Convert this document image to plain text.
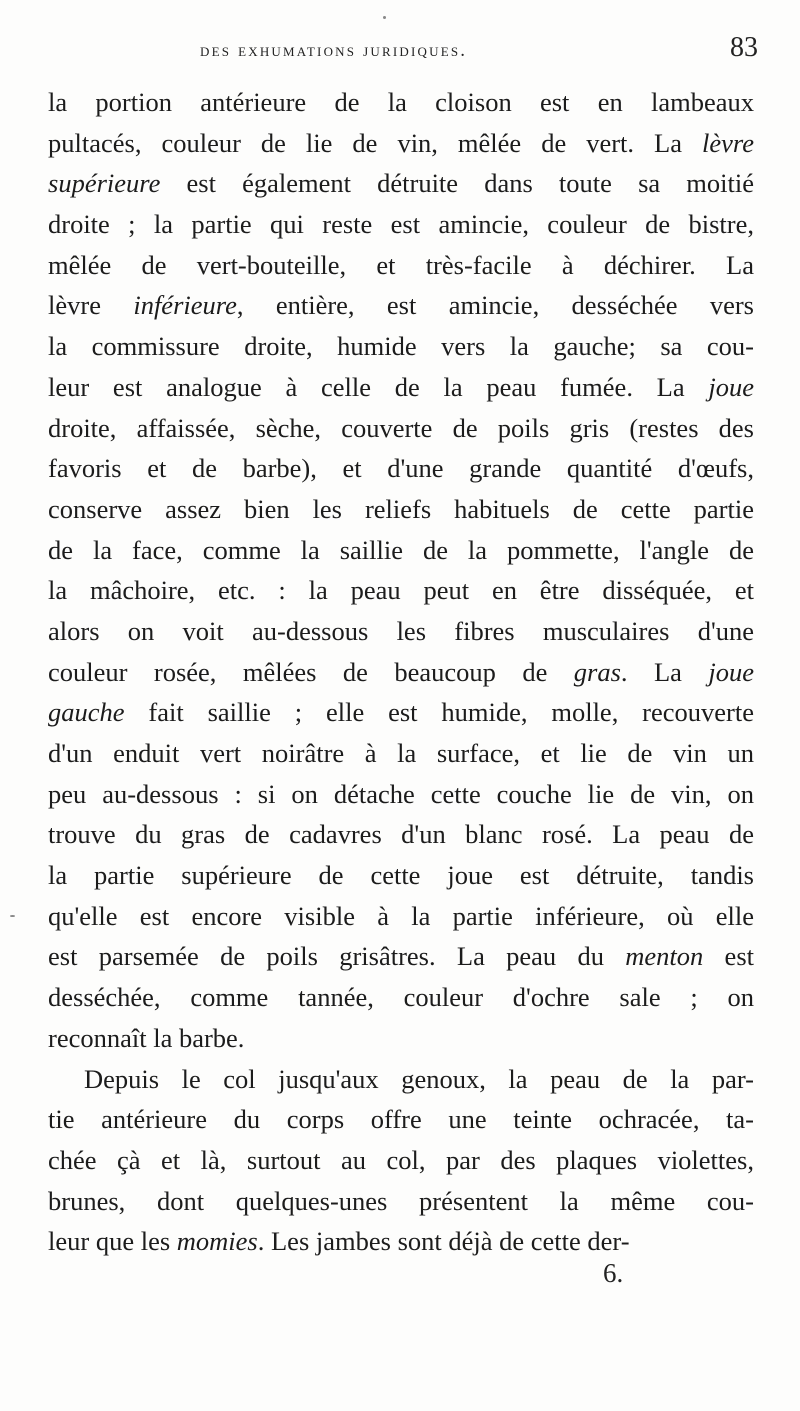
des exhumations juridiques.	83
la portion antérieure de la cloison est en lambeaux
pultacés, couleur de lie de vin, mêlée de vert. La lèvre
supérieure est également détruite dans toute sa moitié
droite ; la partie qui reste est amincie, couleur de bistre,
mêlée de vert-bouteille, et très-facile à déchirer. La
lèvre inférieure, entière, est amincie, desséchée vers
la commissure droite, humide vers la gauche; sa cou-
leur est analogue à celle de la peau fumée. La joue
droite, affaissée, sèche, couverte de poils gris (restes des
favoris et de barbe), et d'une grande quantité d'œufs,
conserve assez bien les reliefs habituels de cette partie
de la face, comme la saillie de la pommette, l'angle de
la mâchoire, etc. : la peau peut en être disséquée, et
alors on voit au-dessous les fibres musculaires d'une
couleur rosée, mêlées de beaucoup de gras. La joue
gauche fait saillie ; elle est humide, molle, recouverte
d'un enduit vert noirâtre à la surface, et lie de vin un
peu au-dessous : si on détache cette couche lie de vin, on
trouve du gras de cadavres d'un blanc rosé. La peau de
la partie supérieure de cette joue est détruite, tandis
qu'elle est encore visible à la partie inférieure, où elle
est parsemée de poils grisâtres. La peau du menton est
desséchée, comme tannée, couleur d'ochre sale ; on
reconnaît la barbe.
Depuis le col jusqu'aux genoux, la peau de la par-
tie antérieure du corps offre une teinte ochracée, ta-
chée çà et là, surtout au col, par des plaques violettes,
brunes, dont quelques-unes présentent la même cou-
leur que les momies. Les jambes sont déjà de cette der-
6.
